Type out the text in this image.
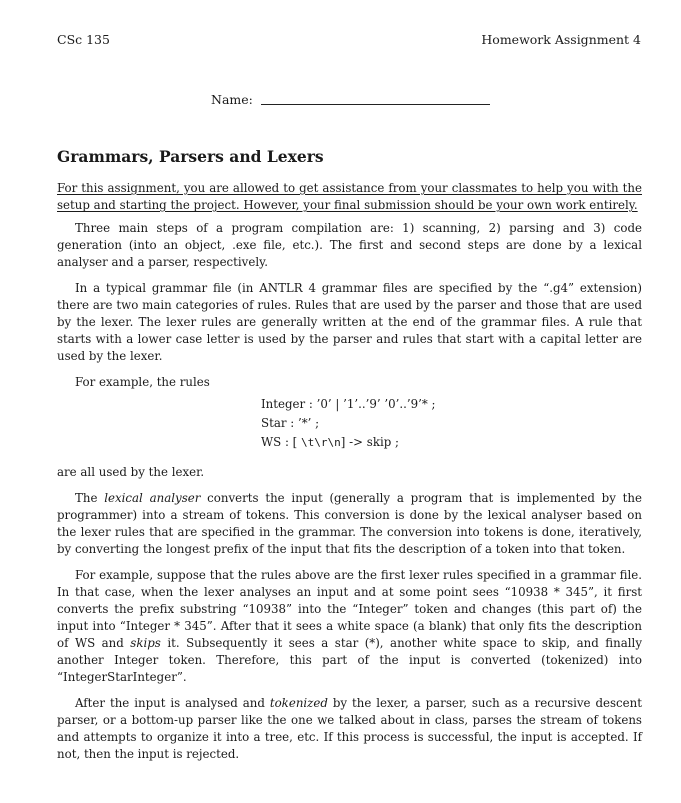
CSc 135	Homework Assignment 4
Name:
Grammars, Parsers and Lexers

For this assignment, you are allowed to get assistance from your classmates to help you with the setup and starting the project. However, your final submission should be your own work entirely.

Three main steps of a program compilation are: 1) scanning, 2) parsing and 3) code generation (into an object, .exe file, etc.). The first and second steps are done by a lexical analyser and a parser, respectively.

In a typical grammar file (in ANTLR 4 grammar files are specified by the “.g4” extension) there are two main categories of rules. Rules that are used by the parser and those that are used by the lexer. The lexer rules are generally written at the end of the grammar files. A rule that starts with a lower case letter is used by the parser and rules that start with a capital letter are used by the lexer.

For example, the rules

Integer : ’0’ | ’1’..’9’ ’0’..’9’* ;
Star : ’*’ ;
WS : [ \t\r\n] -> skip ;

are all used by the lexer.

The lexical analyser converts the input (generally a program that is implemented by the programmer) into a stream of tokens. This conversion is done by the lexical analyser based on the lexer rules that are specified in the grammar. The conversion into tokens is done, iteratively, by converting the longest prefix of the input that fits the description of a token into that token.

For example, suppose that the rules above are the first lexer rules specified in a grammar file. In that case, when the lexer analyses an input and at some point sees “10938 * 345”, it first converts the prefix substring “10938” into the “Integer” token and changes (this part of) the input into “Integer * 345”. After that it sees a white space (a blank) that only fits the description of WS and skips it. Subsequently it sees a star (*), another white space to skip, and finally another Integer token. Therefore, this part of the input is converted (tokenized) into “IntegerStarInteger”.

After the input is analysed and tokenized by the lexer, a parser, such as a recursive descent parser, or a bottom-up parser like the one we talked about in class, parses the stream of tokens and attempts to organize it into a tree, etc. If this process is successful, the input is accepted. If not, then the input is rejected.
